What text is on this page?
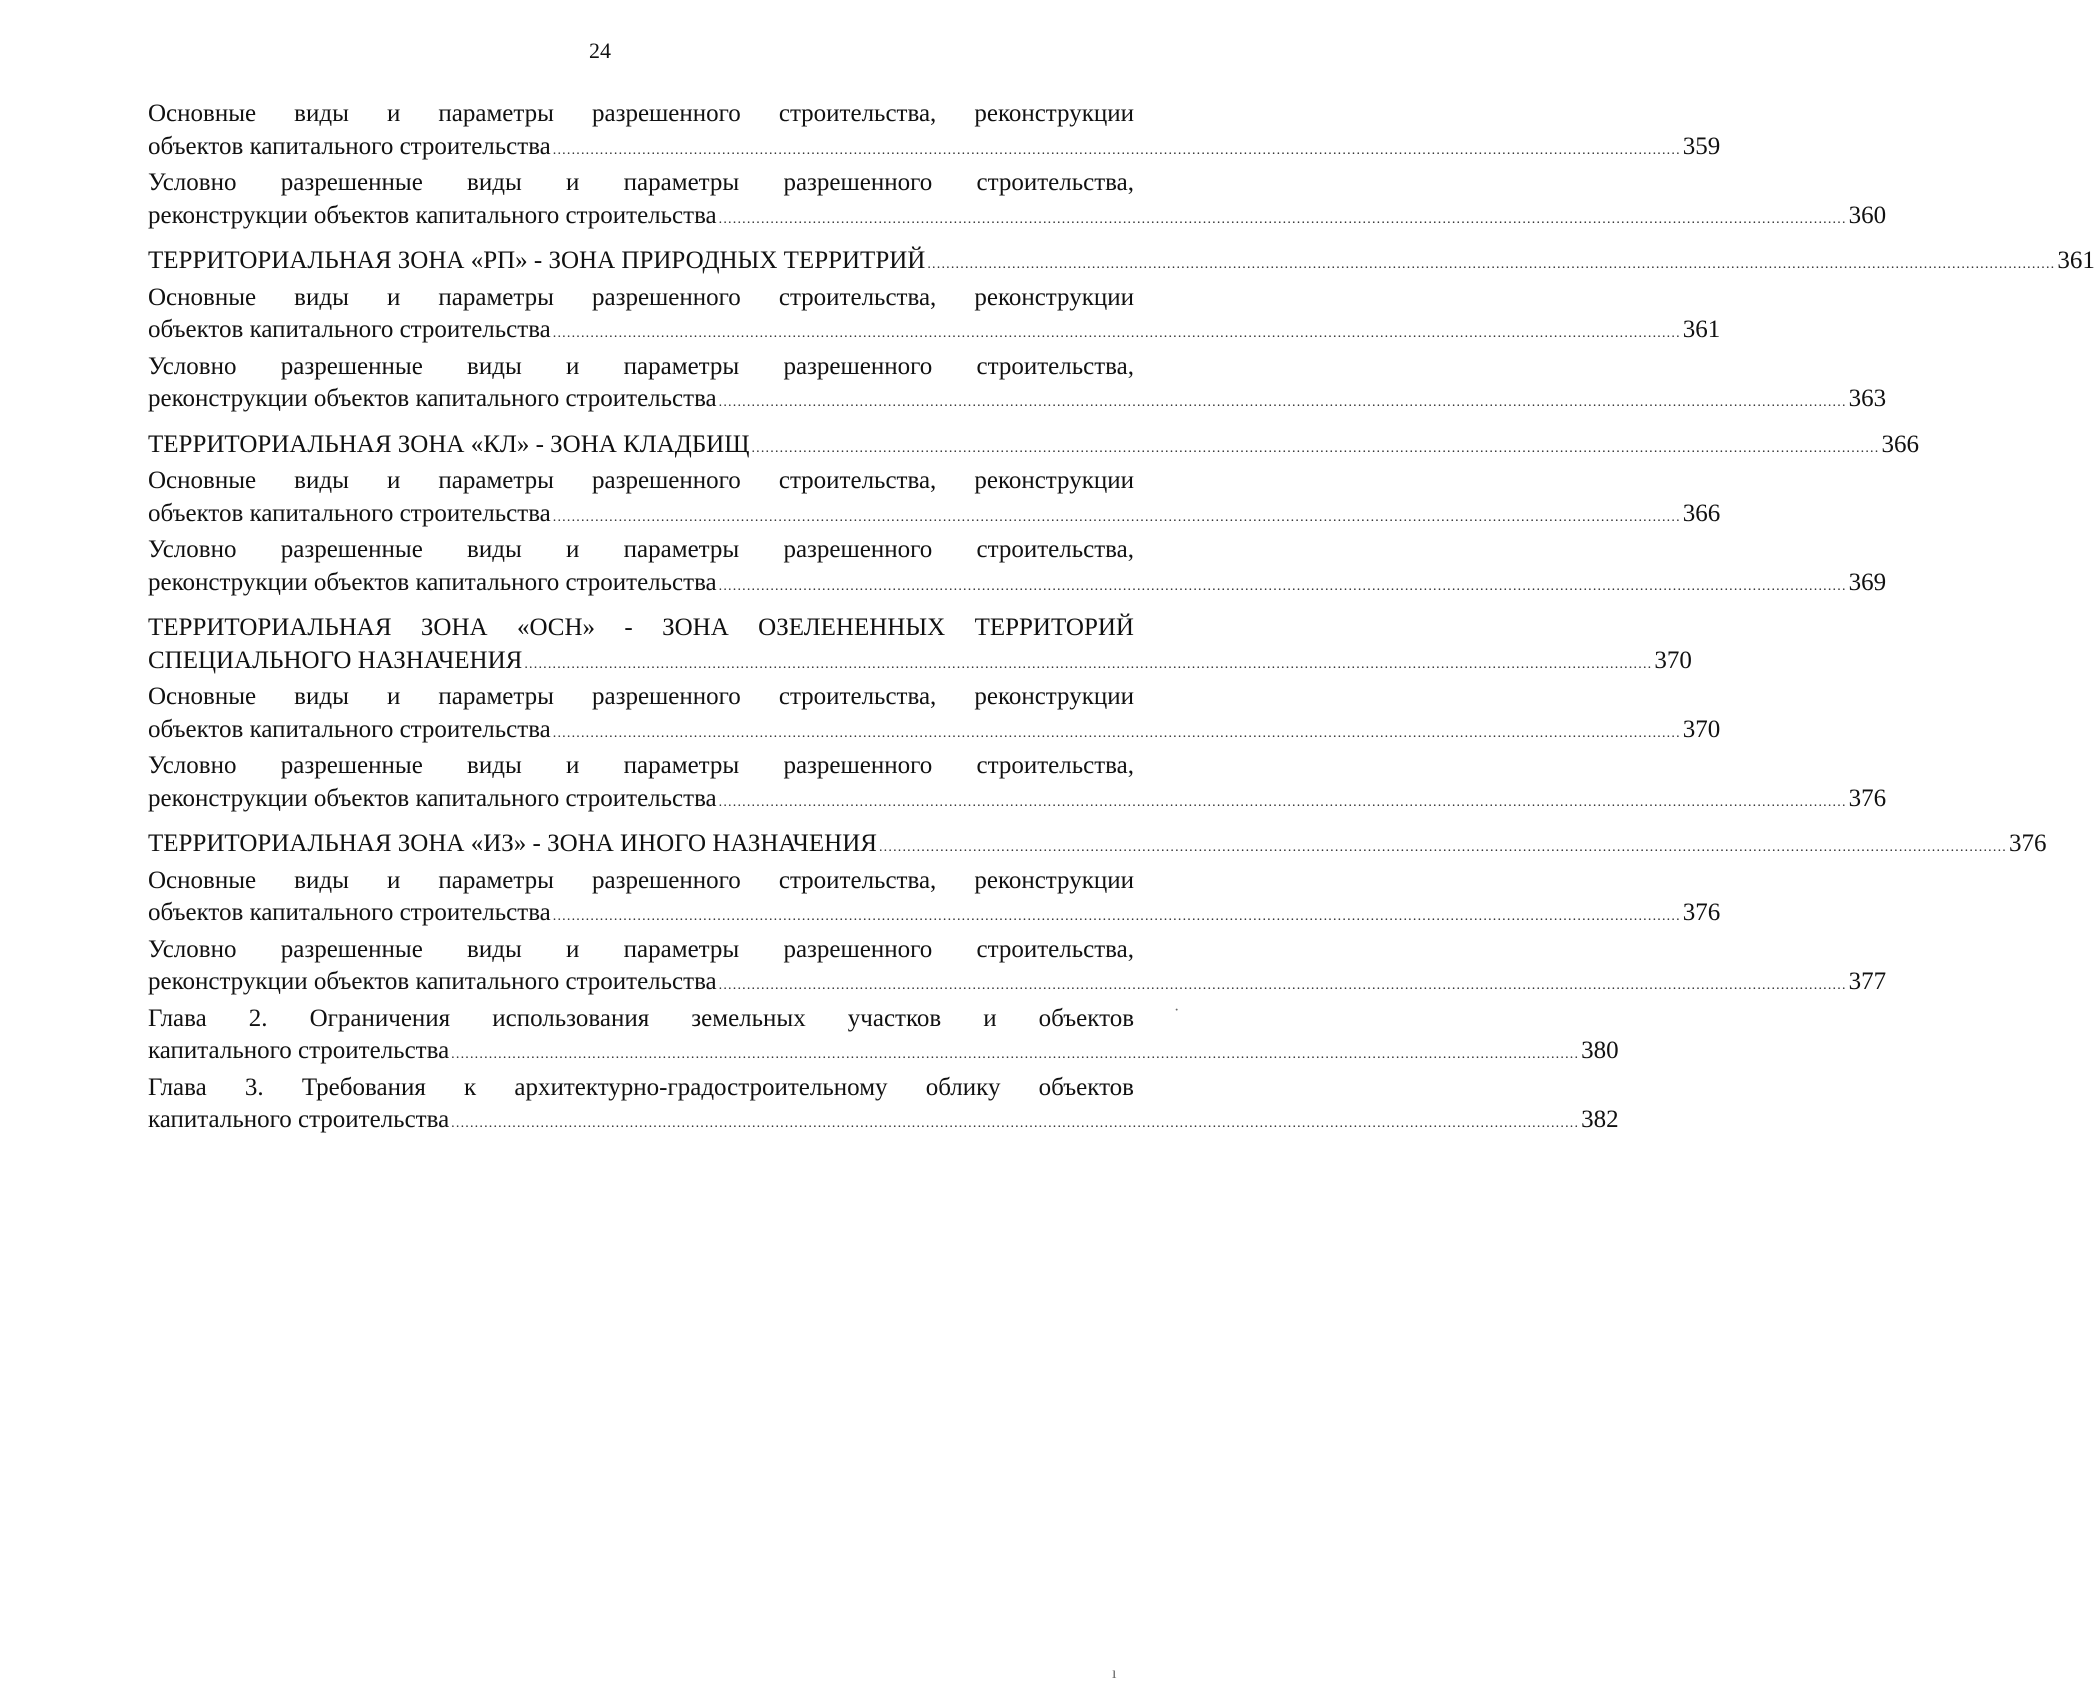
24
Основные виды и параметры разрешенного строительства, реконструкции
объектов капитального строительства ................................................................................................................................................................................................................................................ 359
Условно разрешенные виды и параметры разрешенного строительства,
реконструкции объектов капитального строительства ................................................................................................................................................................................................................................................ 360
ТЕРРИТОРИАЛЬНАЯ ЗОНА «РП» - ЗОНА ПРИРОДНЫХ ТЕРРИТРИЙ ................................................................................................................................................................................................................................................ 361
Основные виды и параметры разрешенного строительства, реконструкции
объектов капитального строительства ................................................................................................................................................................................................................................................ 361
Условно разрешенные виды и параметры разрешенного строительства,
реконструкции объектов капитального строительства ................................................................................................................................................................................................................................................ 363
ТЕРРИТОРИАЛЬНАЯ ЗОНА «КЛ» - ЗОНА КЛАДБИЩ ................................................................................................................................................................................................................................................ 366
Основные виды и параметры разрешенного строительства, реконструкции
объектов капитального строительства ................................................................................................................................................................................................................................................ 366
Условно разрешенные виды и параметры разрешенного строительства,
реконструкции объектов капитального строительства ................................................................................................................................................................................................................................................ 369
ТЕРРИТОРИАЛЬНАЯ ЗОНА «ОСН» - ЗОНА ОЗЕЛЕНЕННЫХ ТЕРРИТОРИЙ
СПЕЦИАЛЬНОГО НАЗНАЧЕНИЯ ................................................................................................................................................................................................................................................ 370
Основные виды и параметры разрешенного строительства, реконструкции
объектов капитального строительства ................................................................................................................................................................................................................................................ 370
Условно разрешенные виды и параметры разрешенного строительства,
реконструкции объектов капитального строительства ................................................................................................................................................................................................................................................ 376
ТЕРРИТОРИАЛЬНАЯ ЗОНА «ИЗ» - ЗОНА ИНОГО НАЗНАЧЕНИЯ ................................................................................................................................................................................................................................................ 376
Основные виды и параметры разрешенного строительства, реконструкции
объектов капитального строительства ................................................................................................................................................................................................................................................ 376
Условно разрешенные виды и параметры разрешенного строительства,
реконструкции объектов капитального строительства ................................................................................................................................................................................................................................................ 377
Глава 2. Ограничения использования земельных участков и объектов
капитального строительства ................................................................................................................................................................................................................................................ 380
Глава 3. Требования к архитектурно-градостроительному облику объектов
капитального строительства ................................................................................................................................................................................................................................................ 382
·
ı
